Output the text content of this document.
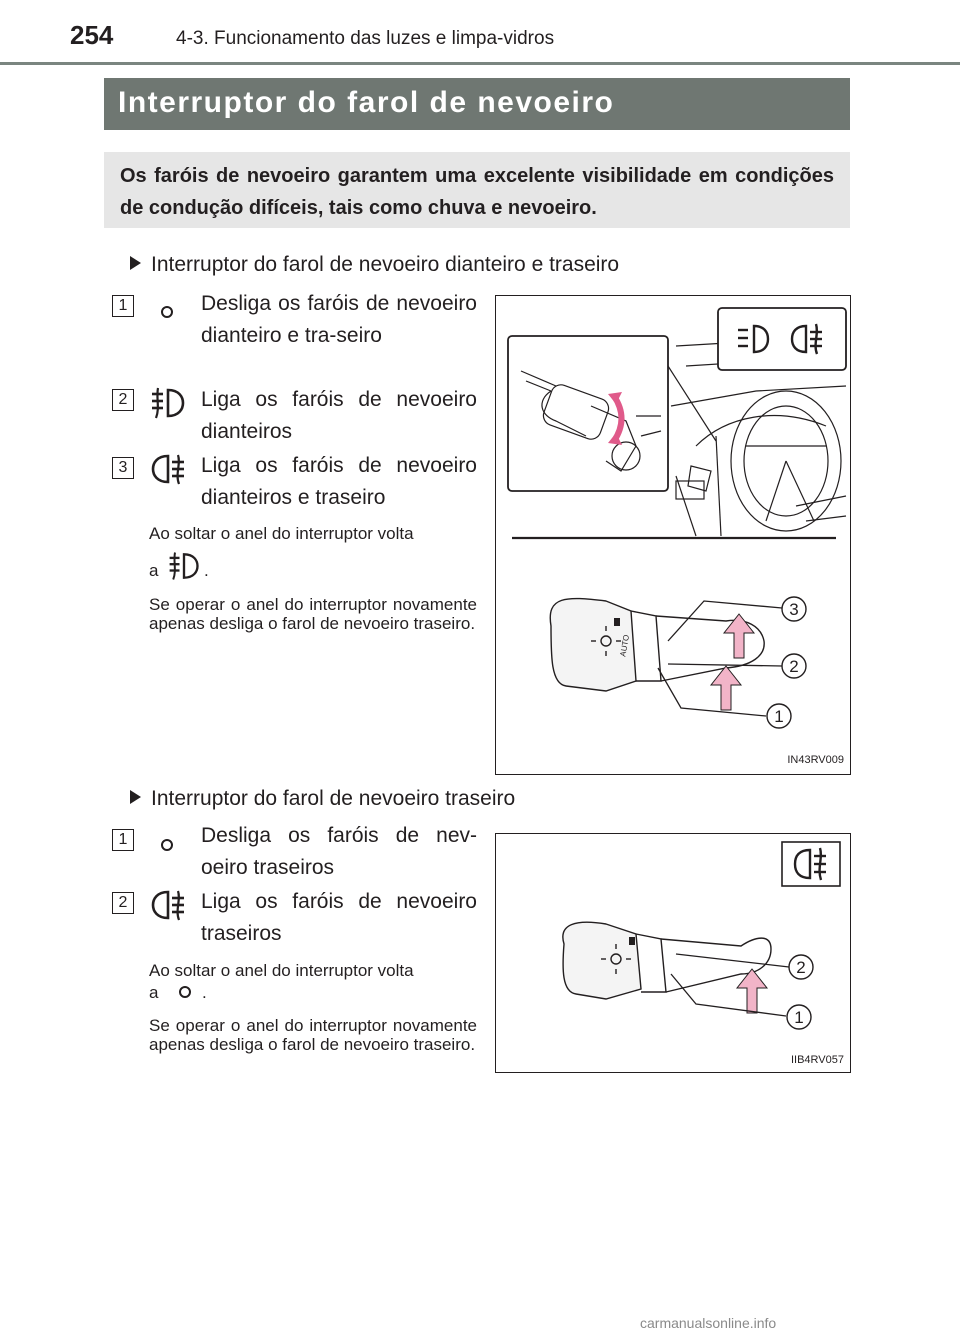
254	4-3. Funcionamento das luzes e limpa-vidros
Interruptor do farol de nevoeiro
Os faróis de nevoeiro garantem uma excelente visibilidade em condições de condução difíceis, tais como chuva e nevoeiro.
Interruptor do farol de nevoeiro dianteiro e traseiro
1	Desliga os faróis de nevoeiro dianteiro e tra-seiro
2	Liga os faróis de nevoeiro dianteiros
3	Liga os faróis de nevoeiro dianteiros e traseiro
Ao soltar o anel do interruptor volta
a	.
Se operar o anel do interruptor novamente apenas desliga o farol de nevoeiro traseiro.
AUTO
3
2
1
IN43RV009
Interruptor do farol de nevoeiro traseiro
1	Desliga os faróis de nev-oeiro traseiros
2	Liga os faróis de nevoeiro traseiros
Ao soltar o anel do interruptor volta
a	.
Se operar o anel do interruptor novamente apenas desliga o farol de nevoeiro traseiro.
2
1
IIB4RV057
carmanualsonline.info
